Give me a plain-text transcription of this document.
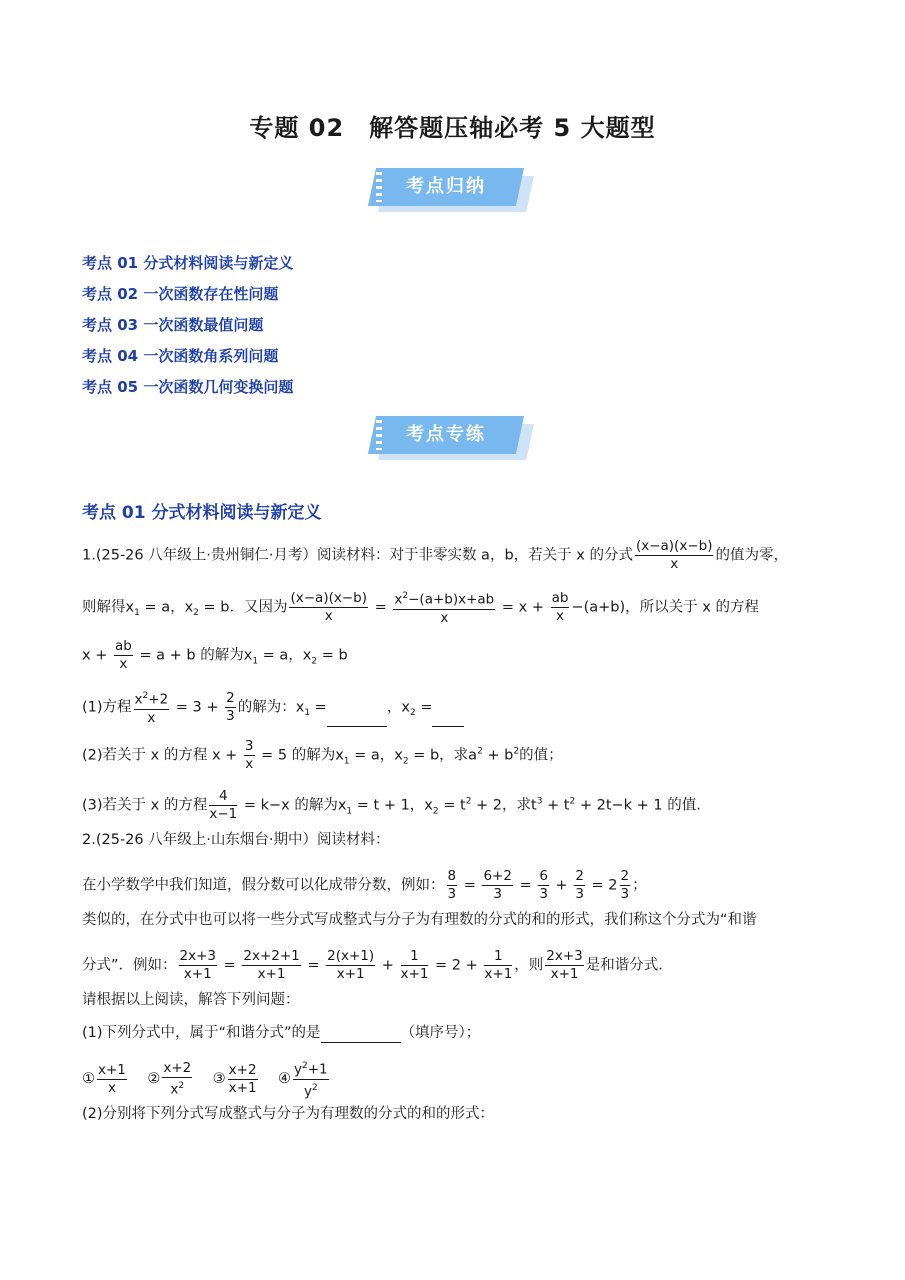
专题 02　解答题压轴必考 5 大题型
考点归纳
考点 01 分式材料阅读与新定义
考点 02 一次函数存在性问题
考点 03 一次函数最值问题
考点 04 一次函数角系列问题
考点 05 一次函数几何变换问题
考点专练
考点 01 分式材料阅读与新定义
1.(25-26 八年级上·贵州铜仁·月考）阅读材料：对于非零实数 a，b，若关于 x 的分式 $\frac{(x-a)(x-b)}{x}$ 的值为零，
则解得$x_1 = a$，$x_2 = b$．又因为 $\frac{(x-a)(x-b)}{x} = \frac{x^2-(a+b)x+ab}{x} = x + \frac{ab}{x} -(a+b)$，所以关于 x 的方程
$x + \frac{ab}{x} = a + b$ 的解为$x_1 = a$，$x_2 = b$
(1)方程 $\frac{x^2+2}{x} = 3 + \frac{2}{3}$ 的解为：$x_1$ =	，$x_2$ =
(2)若关于 x 的方程 $x + \frac{3}{x} = 5$ 的解为$x_1 = a$，$x_2 = b$，求$a^2 + b^2$的值；
(3)若关于 x 的方程 $\frac{4}{x-1} = k-x$ 的解为$x_1 = t + 1$，$x_2 = t^2 + 2$，求$t^3 + t^2 + 2t-k + 1$ 的值.
2.(25-26 八年级上·山东烟台·期中）阅读材料：
在小学数学中我们知道，假分数可以化成带分数，例如： $\frac{8}{3} = \frac{6+2}{3} = \frac{6}{3} + \frac{2}{3} = 2 \frac{2}{3}$ ；
类似的，在分式中也可以将一些分式写成整式与分子为有理数的分式的和的形式，我们称这个分式为“和谐
分式”．例如： $\frac{2x+3}{x+1} = \frac{2x+2+1}{x+1} = \frac{2(x+1)}{x+1} + \frac{1}{x+1} = 2 + \frac{1}{x+1}$ ，则 $\frac{2x+3}{x+1}$ 是和谐分式．
请根据以上阅读，解答下列问题：
(1)下列分式中，属于“和谐分式”的是	（填序号）；
① $\frac{x+1}{x}$ ② $\frac{x+2}{x^2}$ ③ $\frac{x+2}{x+1}$ ④ $\frac{y^2+1}{y^2}$
(2)分别将下列分式写成整式与分子为有理数的分式的和的形式：
